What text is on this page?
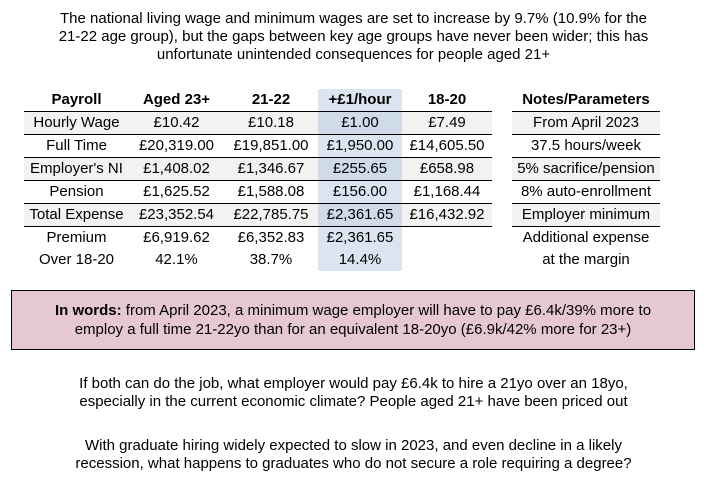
The national living wage and minimum wages are set to increase by 9.7% (10.9% for the
21-22 age group), but the gaps between key age groups have never been wider; this has
unfortunate unintended consequences for people aged 21+
Payroll	Aged 23+	21-22	+£1/hour	18-20		Notes/Parameters
Hourly Wage	£10.42	£10.18	£1.00	£7.49		From April 2023
Full Time	£20,319.00	£19,851.00	£1,950.00	£14,605.50		37.5 hours/week
Employer's NI	£1,408.02	£1,346.67	£255.65	£658.98		5% sacrifice/pension
Pension	£1,625.52	£1,588.08	£156.00	£1,168.44		8% auto-enrollment
Total Expense	£23,352.54	£22,785.75	£2,361.65	£16,432.92		Employer minimum
Premium	£6,919.62	£6,352.83	£2,361.65			Additional expense
Over 18-20	42.1%	38.7%	14.4%			at the margin
In words: from April 2023, a minimum wage employer will have to pay £6.4k/39% more to
employ a full time 21-22yo than for an equivalent 18-20yo (£6.9k/42% more for 23+)
If both can do the job, what employer would pay £6.4k to hire a 21yo over an 18yo,
especially in the current economic climate? People aged 21+ have been priced out
With graduate hiring widely expected to slow in 2023, and even decline in a likely
recession, what happens to graduates who do not secure a role requiring a degree?
